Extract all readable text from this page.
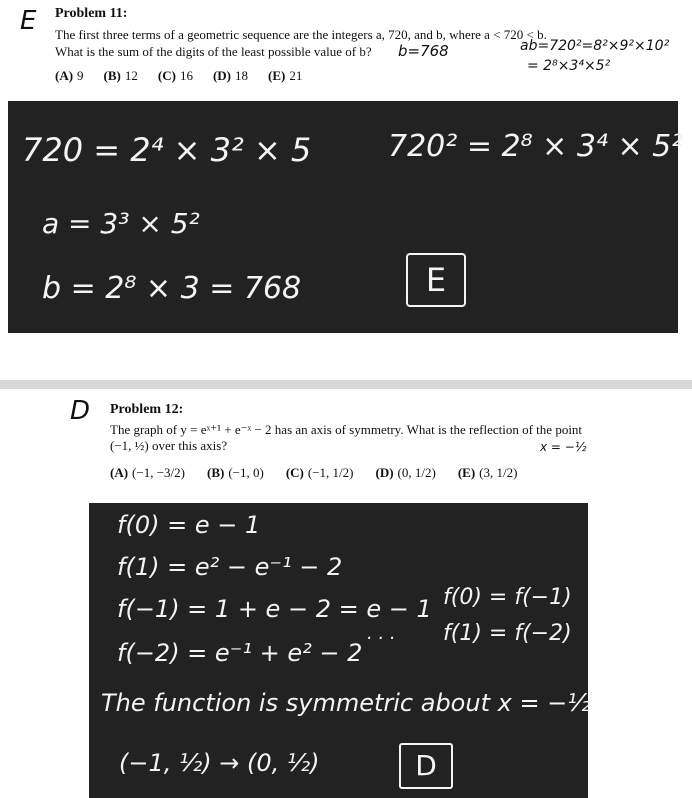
E Problem 11:
The first three terms of a geometric sequence are the integers a, 720, and b, where a < 720 < b.
What is the sum of the digits of the least possible value of b?
(A) 9 (B) 12 (C) 16 (D) 18 (E) 21
b=768	ab=720²=8²×9²×10²
= 2⁸×3⁴×5²
720 = 2⁴ × 3² × 5	720² = 2⁸ × 3⁴ × 5²
a = 3³ × 5²
b = 2⁸ × 3 = 768	E
D Problem 12:
The graph of y = eˣ⁺¹ + e⁻ˣ − 2 has an axis of symmetry. What is the reflection of the point
(−1, ½) over this axis?
(A) (−1, −3/2) (B) (−1, 0) (C) (−1, 1/2) (D) (0, 1/2) (E) (3, 1/2)
x = −½
f(0) = e − 1
f(1) = e² − e⁻¹ − 2
f(−1) = 1 + e − 2 = e − 1
f(−2) = e⁻¹ + e² − 2
. . .
f(0) = f(−1)
f(1) = f(−2)
The function is symmetric about x = −½
(−1, ½) → (0, ½)	D
